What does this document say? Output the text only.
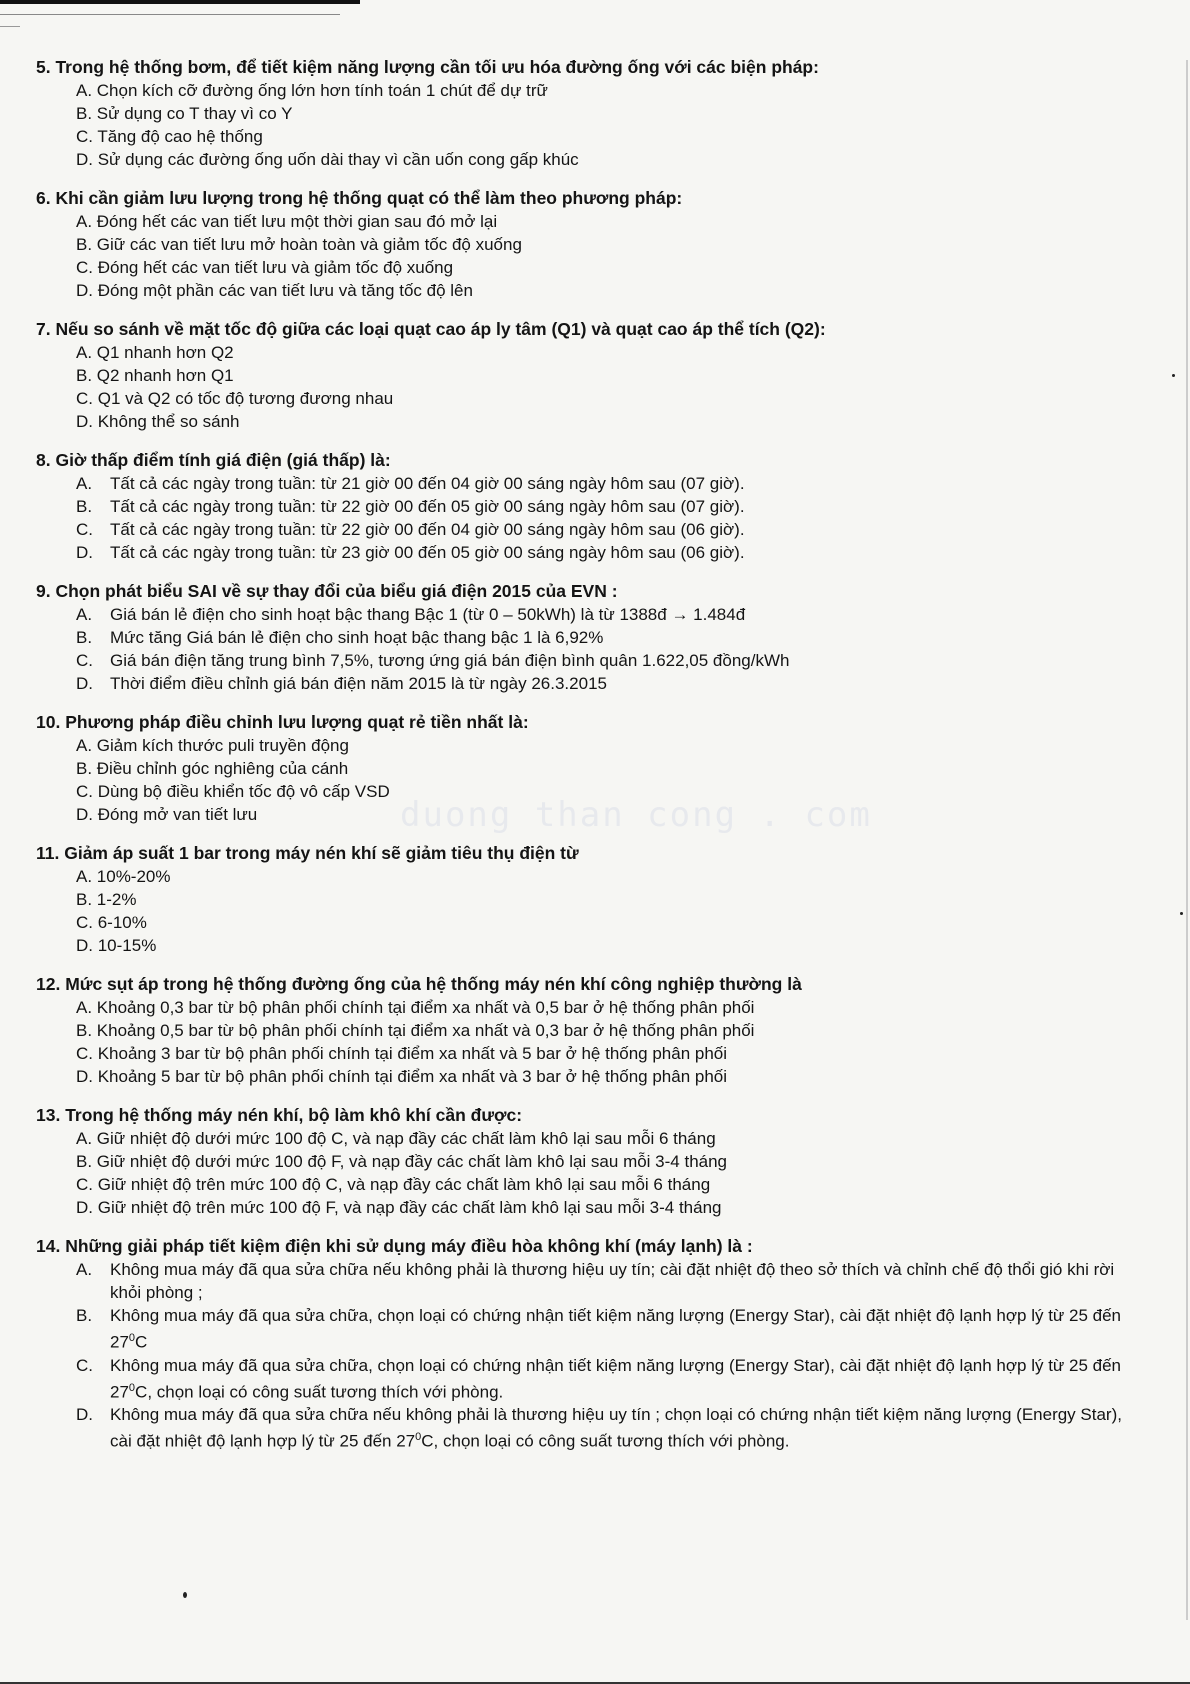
duong than cong . com
5. Trong hệ thống bơm, để tiết kiệm năng lượng cần tối ưu hóa đường ống với các biện pháp:
A. Chọn kích cỡ đường ống lớn hơn tính toán 1 chút để dự trữ
B. Sử dụng co T thay vì co Y
C. Tăng độ cao hệ thống
D. Sử dụng các đường ống uốn dài thay vì cần uốn cong gấp khúc
6. Khi cần giảm lưu lượng trong hệ thống quạt có thể làm theo phương pháp:
A. Đóng hết các van tiết lưu một thời gian sau đó mở lại
B. Giữ các van tiết lưu mở hoàn toàn và giảm tốc độ xuống
C. Đóng hết các van tiết lưu và giảm tốc độ xuống
D. Đóng một phần các van tiết lưu và tăng tốc độ lên
7. Nếu so sánh về mặt tốc độ giữa các loại quạt cao áp ly tâm (Q1) và quạt cao áp thể tích (Q2):
A. Q1 nhanh hơn Q2
B. Q2 nhanh hơn Q1
C. Q1 và Q2 có tốc độ tương đương nhau
D. Không thể so sánh
8. Giờ thấp điểm tính giá điện (giá thấp) là:
A.	Tất cả các ngày trong tuần: từ 21 giờ 00 đến 04 giờ 00 sáng ngày hôm sau (07 giờ).
B.	Tất cả các ngày trong tuần: từ 22 giờ 00 đến 05 giờ 00 sáng ngày hôm sau (07 giờ).
C.	Tất cả các ngày trong tuần: từ 22 giờ 00 đến 04 giờ 00 sáng ngày hôm sau (06 giờ).
D.	Tất cả các ngày trong tuần: từ 23 giờ 00 đến 05 giờ 00 sáng ngày hôm sau (06 giờ).
9. Chọn phát biểu SAI về sự thay đổi của biểu giá điện 2015 của EVN :
A.	Giá bán lẻ điện cho sinh hoạt bậc thang Bậc 1 (từ 0 – 50kWh) là từ 1388đ → 1.484đ
B.	Mức tăng Giá bán lẻ điện cho sinh hoạt bậc thang bậc 1 là 6,92%
C.	Giá bán điện tăng trung bình 7,5%, tương ứng giá bán điện bình quân 1.622,05 đồng/kWh
D.	Thời điểm điều chỉnh giá bán điện năm 2015 là từ ngày 26.3.2015
10. Phương pháp điều chỉnh lưu lượng quạt rẻ tiền nhất là:
A. Giảm kích thước puli truyền động
B. Điều chỉnh góc nghiêng của cánh
C. Dùng bộ điều khiển tốc độ vô cấp VSD
D. Đóng mở van tiết lưu
11. Giảm áp suất 1 bar trong máy nén khí sẽ giảm tiêu thụ điện từ
A. 10%-20%
B. 1-2%
C. 6-10%
D. 10-15%
12. Mức sụt áp trong hệ thống đường ống của hệ thống máy nén khí công nghiệp thường là
A. Khoảng 0,3 bar từ bộ phân phối chính tại điểm xa nhất và 0,5 bar ở hệ thống phân phối
B. Khoảng 0,5 bar từ bộ phân phối chính tại điểm xa nhất và 0,3 bar ở hệ thống phân phối
C. Khoảng 3 bar từ bộ phân phối chính tại điểm xa nhất và 5 bar ở hệ thống phân phối
D. Khoảng 5 bar từ bộ phân phối chính tại điểm xa nhất và 3 bar ở hệ thống phân phối
13. Trong hệ thống máy nén khí, bộ làm khô khí cần được:
A. Giữ nhiệt độ dưới mức 100 độ C, và nạp đầy các chất làm khô lại sau mỗi 6 tháng
B. Giữ nhiệt độ dưới mức 100 độ F, và nạp đầy các chất làm khô lại sau mỗi 3-4 tháng
C. Giữ nhiệt độ trên mức 100 độ C, và nạp đầy các chất làm khô lại sau mỗi 6 tháng
D. Giữ nhiệt độ trên mức 100 độ F, và nạp đầy các chất làm khô lại sau mỗi 3-4 tháng
14. Những giải pháp tiết kiệm điện khi sử dụng máy điều hòa không khí (máy lạnh) là :
A.	Không mua máy đã qua sửa chữa nếu không phải là thương hiệu uy tín; cài đặt nhiệt độ theo sở thích và chỉnh chế độ thổi gió khi rời khỏi phòng ;
B.	Không mua máy đã qua sửa chữa, chọn loại có chứng nhận tiết kiệm năng lượng (Energy Star), cài đặt nhiệt độ lạnh hợp lý từ 25 đến $27^0C$
C.	Không mua máy đã qua sửa chữa, chọn loại có chứng nhận tiết kiệm năng lượng (Energy Star), cài đặt nhiệt độ lạnh hợp lý từ 25 đến $27^0C$, chọn loại có công suất tương thích với phòng.
D.	Không mua máy đã qua sửa chữa nếu không phải là thương hiệu uy tín ; chọn loại có chứng nhận tiết kiệm năng lượng (Energy Star), cài đặt nhiệt độ lạnh hợp lý từ 25 đến $27^0C$, chọn loại có công suất tương thích với phòng.
